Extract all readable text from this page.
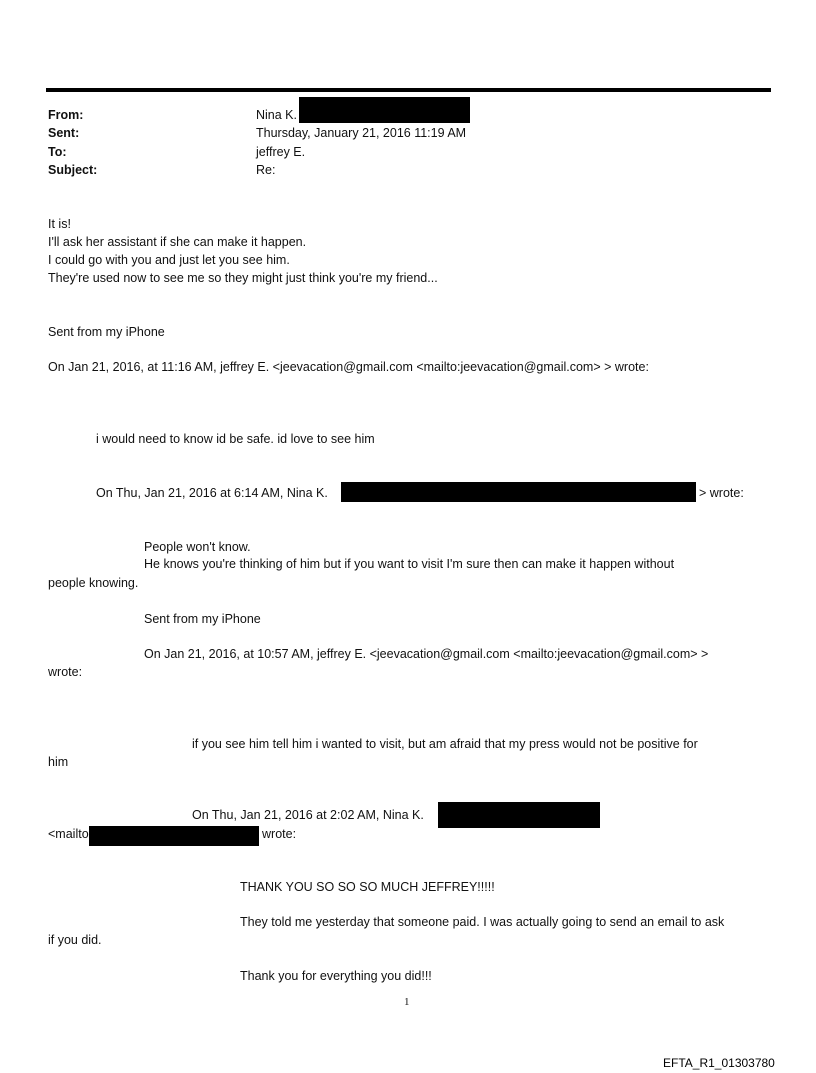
From:	Nina K.
Sent:	Thursday, January 21, 2016 11:19 AM
To:	jeffrey E.
Subject:	Re:
It is!
I'll ask her assistant if she can make it happen.
I could go with you and just let you see him.
They're used now to see me so they might just think you're my friend...
Sent from my iPhone
On Jan 21, 2016, at 11:16 AM, jeffrey E. <jeevacation@gmail.com <mailto:jeevacation@gmail.com> > wrote:
i would need to know id be safe. id love to see him
On Thu, Jan 21, 2016 at 6:14 AM, Nina K.	> wrote:
People won't know.
He knows you're thinking of him but if you want to visit I'm sure then can make it happen without
people knowing.
Sent from my iPhone
On Jan 21, 2016, at 10:57 AM, jeffrey E. <jeevacation@gmail.com <mailto:jeevacation@gmail.com> >
wrote:
if you see him tell him i wanted to visit, but am afraid that my press would not be positive for
him
On Thu, Jan 21, 2016 at 2:02 AM, Nina K.
<mailto	wrote:
THANK YOU SO SO SO MUCH JEFFREY!!!!!
They told me yesterday that someone paid. I was actually going to send an email to ask
if you did.
Thank you for everything you did!!!
1
EFTA_R1_01303780
